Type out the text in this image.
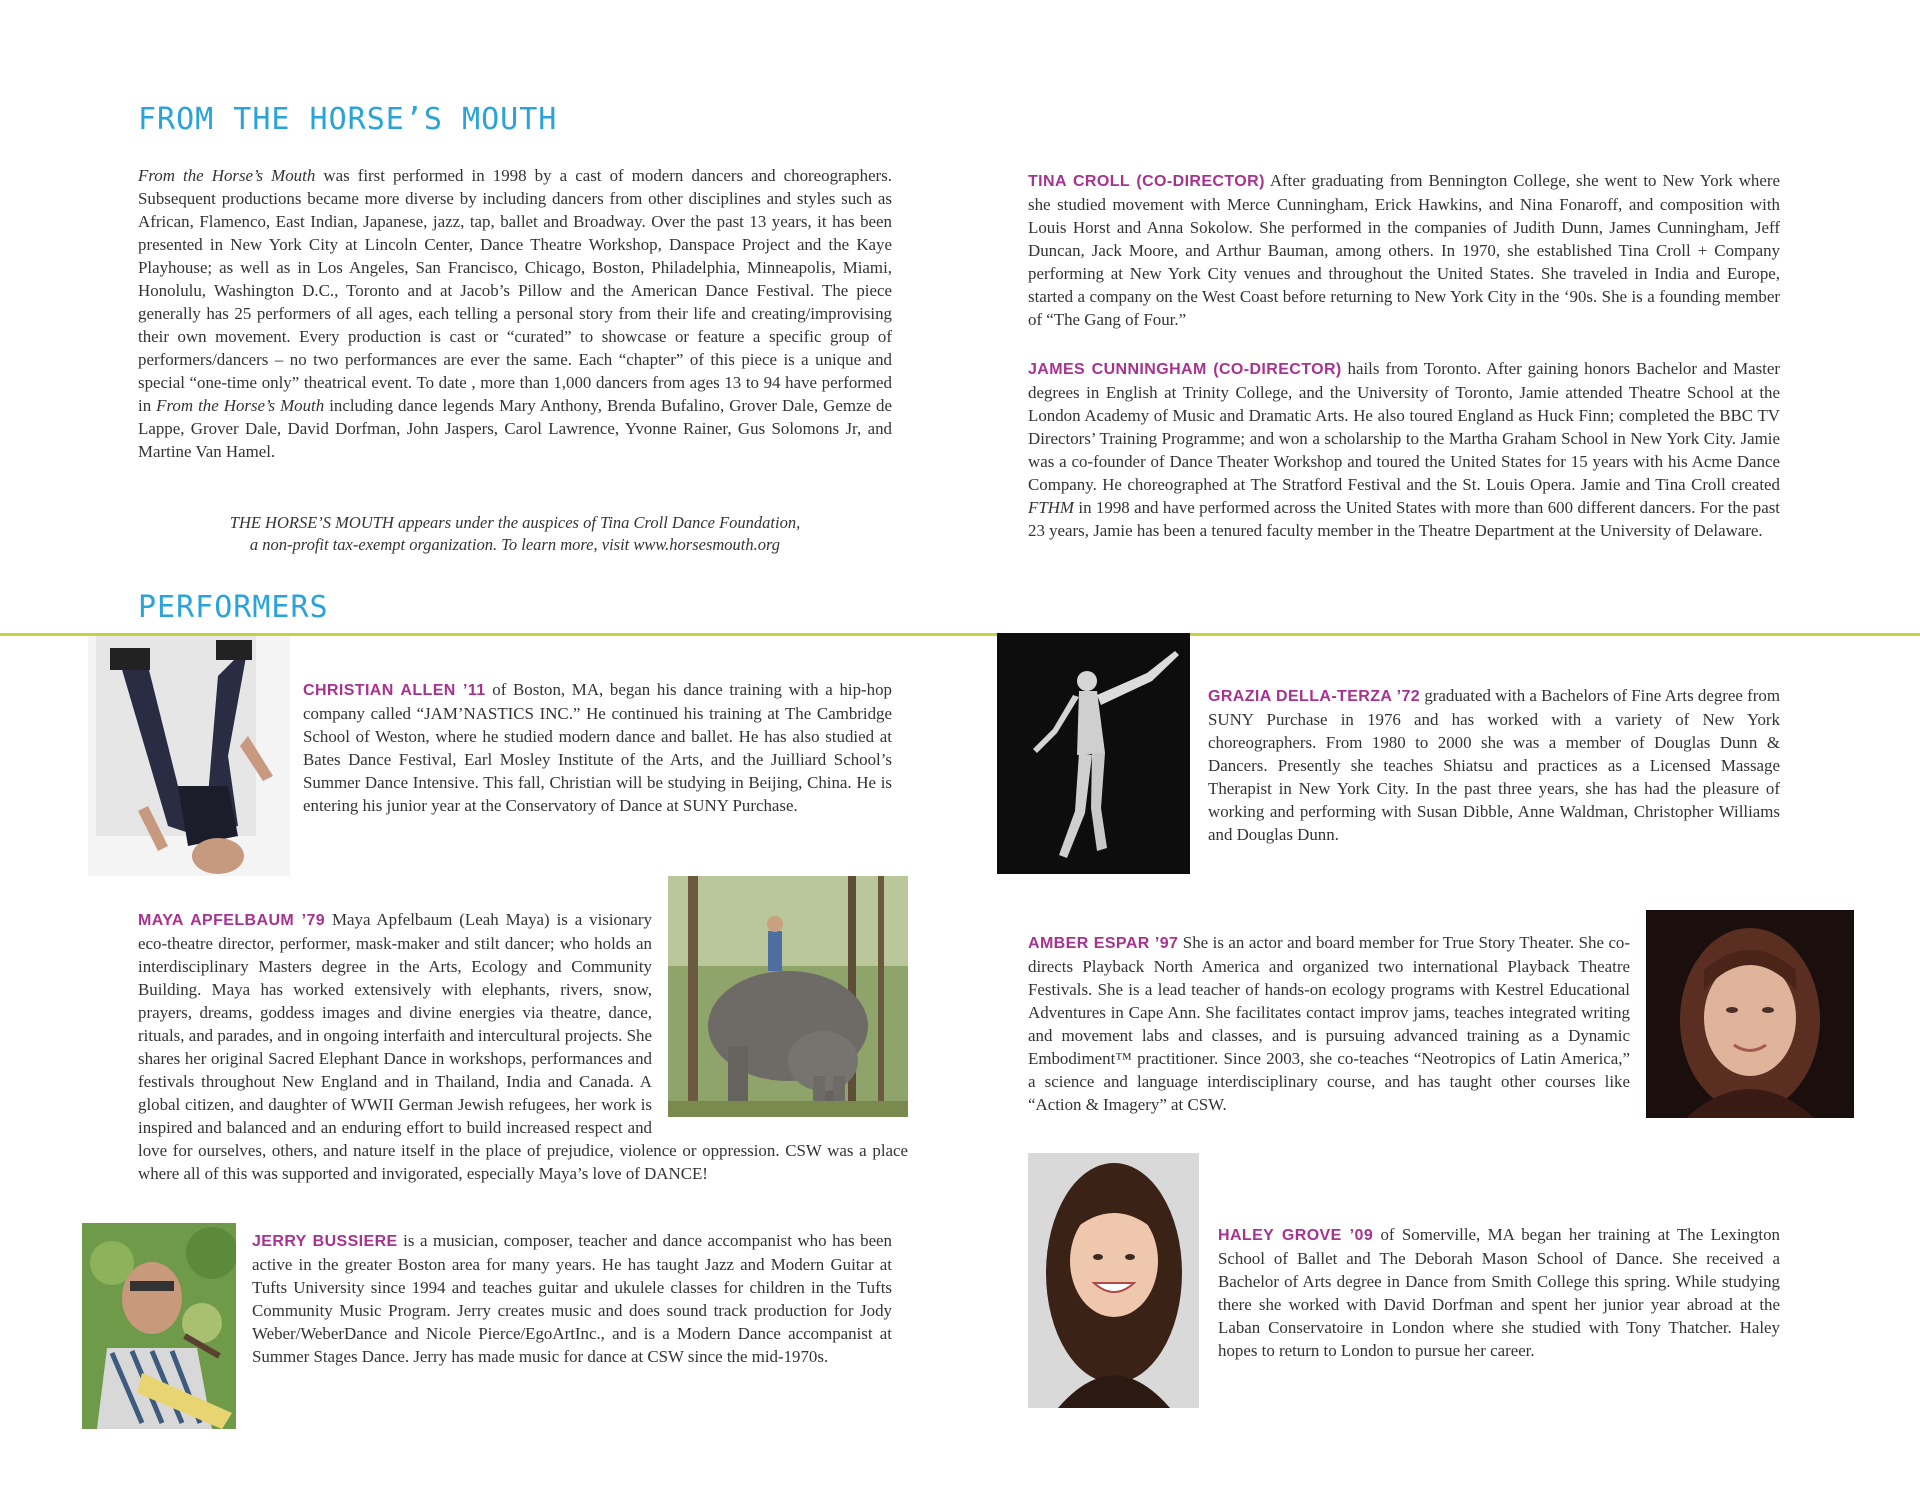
FROM THE HORSE’S MOUTH

From the Horse’s Mouth was first performed in 1998 by a cast of modern dancers and choreographers. Subsequent productions became more diverse by including dancers from other disciplines and styles such as African, Flamenco, East Indian, Japanese, jazz, tap, ballet and Broadway. Over the past 13 years, it has been presented in New York City at Lincoln Center, Dance Theatre Workshop, Danspace Project and the Kaye Playhouse; as well as in Los Angeles, San Francisco, Chicago, Boston, Philadelphia, Minneapolis, Miami, Honolulu, Washington D.C., Toronto and at Jacob’s Pillow and the American Dance Festival. The piece generally has 25 performers of all ages, each telling a personal story from their life and creating/improvising their own movement. Every production is cast or “curated” to showcase or feature a specific group of performers/dancers – no two performances are ever the same. Each “chapter” of this piece is a unique and special “one-time only” theatrical event. To date , more than 1,000 dancers from ages 13 to 94 have performed in From the Horse’s Mouth including dance legends Mary Anthony, Brenda Bufalino, Grover Dale, Gemze de Lappe, Grover Dale, David Dorfman, John Jaspers, Carol Lawrence, Yvonne Rainer, Gus Solomons Jr, and Martine Van Hamel.

THE HORSE’S MOUTH appears under the auspices of Tina Croll Dance Foundation,

a non-profit tax-exempt organization. To learn more, visit www.horsesmouth.org

TINA CROLL (CO-DIRECTOR) After graduating from Bennington College, she went to New York where she studied movement with Merce Cunningham, Erick Hawkins, and Nina Fonaroff, and composition with Louis Horst and Anna Sokolow. She performed in the companies of Judith Dunn, James Cunningham, Jeff Duncan, Jack Moore, and Arthur Bauman, among others. In 1970, she established Tina Croll + Company performing at New York City venues and throughout the United States. She traveled in India and Europe, started a company on the West Coast before returning to New York City in the ‘90s. She is a founding member of “The Gang of Four.”

JAMES CUNNINGHAM (CO-DIRECTOR) hails from Toronto. After gaining honors Bachelor and Master degrees in English at Trinity College, and the University of Toronto, Jamie attended Theatre School at the London Academy of Music and Dramatic Arts. He also toured England as Huck Finn; completed the BBC TV Directors’ Training Programme; and won a scholarship to the Martha Graham School in New York City. Jamie was a co-founder of Dance Theater Workshop and toured the United States for 15 years with his Acme Dance Company. He choreographed at The Stratford Festival and the St. Louis Opera. Jamie and Tina Croll created FTHM in 1998 and have performed across the United States with more than 600 different dancers. For the past 23 years, Jamie has been a tenured faculty member in the Theatre Department at the University of Delaware.

PERFORMERS

CHRISTIAN ALLEN ’11 of Boston, MA, began his dance training with a hip-hop company called “JAM’NASTICS INC.” He continued his training at The Cambridge School of Weston, where he studied modern dance and ballet. He has also studied at Bates Dance Festival, Earl Mosley Institute of the Arts, and the Juilliard School’s Summer Dance Intensive. This fall, Christian will be studying in Beijing, China. He is entering his junior year at the Conservatory of Dance at SUNY Purchase.

MAYA APFELBAUM ’79 Maya Apfelbaum (Leah Maya) is a visionary eco-theatre director, performer, mask-maker and stilt dancer; who holds an interdisciplinary Masters degree in the Arts, Ecology and Community Building. Maya has worked extensively with elephants, rivers, snow, prayers, dreams, goddess images and divine energies via theatre, dance, rituals, and parades, and in ongoing interfaith and intercultural projects. She shares her original Sacred Elephant Dance in workshops, performances and festivals throughout New England and in Thailand, India and Canada. A global citizen, and daughter of WWII German Jewish refugees, her work is inspired and balanced and an enduring effort to build increased respect and love for ourselves, others, and nature itself in the place of prejudice, violence or oppression. CSW was a place where all of this was supported and invigorated, especially Maya’s love of DANCE!

JERRY BUSSIERE is a musician, composer, teacher and dance accompanist who has been active in the greater Boston area for many years. He has taught Jazz and Modern Guitar at Tufts University since 1994 and teaches guitar and ukulele classes for children in the Tufts Community Music Program. Jerry creates music and does sound track production for Jody Weber/WeberDance and Nicole Pierce/EgoArtInc., and is a Modern Dance accompanist at Summer Stages Dance. Jerry has made music for dance at CSW since the mid-1970s.

GRAZIA DELLA-TERZA ’72 graduated with a Bachelors of Fine Arts degree from SUNY Purchase in 1976 and has worked with a variety of New York choreographers. From 1980 to 2000 she was a member of Douglas Dunn & Dancers. Presently she teaches Shiatsu and practices as a Licensed Massage Therapist in New York City. In the past three years, she has had the pleasure of working and performing with Susan Dibble, Anne Waldman, Christopher Williams and Douglas Dunn.

AMBER ESPAR ’97 She is an actor and board member for True Story Theater. She co-directs Playback North America and organized two international Playback Theatre Festivals. She is a lead teacher of hands-on ecology programs with Kestrel Educational Adventures in Cape Ann. She facilitates contact improv jams, teaches integrated writing and movement labs and classes, and is pursuing advanced training as a Dynamic Embodiment™ practitioner. Since 2003, she co-teaches “Neotropics of Latin America,” a science and language interdisciplinary course, and has taught other courses like “Action & Imagery” at CSW.

HALEY GROVE ’09 of Somerville, MA began her training at The Lexington School of Ballet and The Deborah Mason School of Dance. She received a Bachelor of Arts degree in Dance from Smith College this spring. While studying there she worked with David Dorfman and spent her junior year abroad at the Laban Conservatoire in London where she studied with Tony Thatcher. Haley hopes to return to London to pursue her career.
